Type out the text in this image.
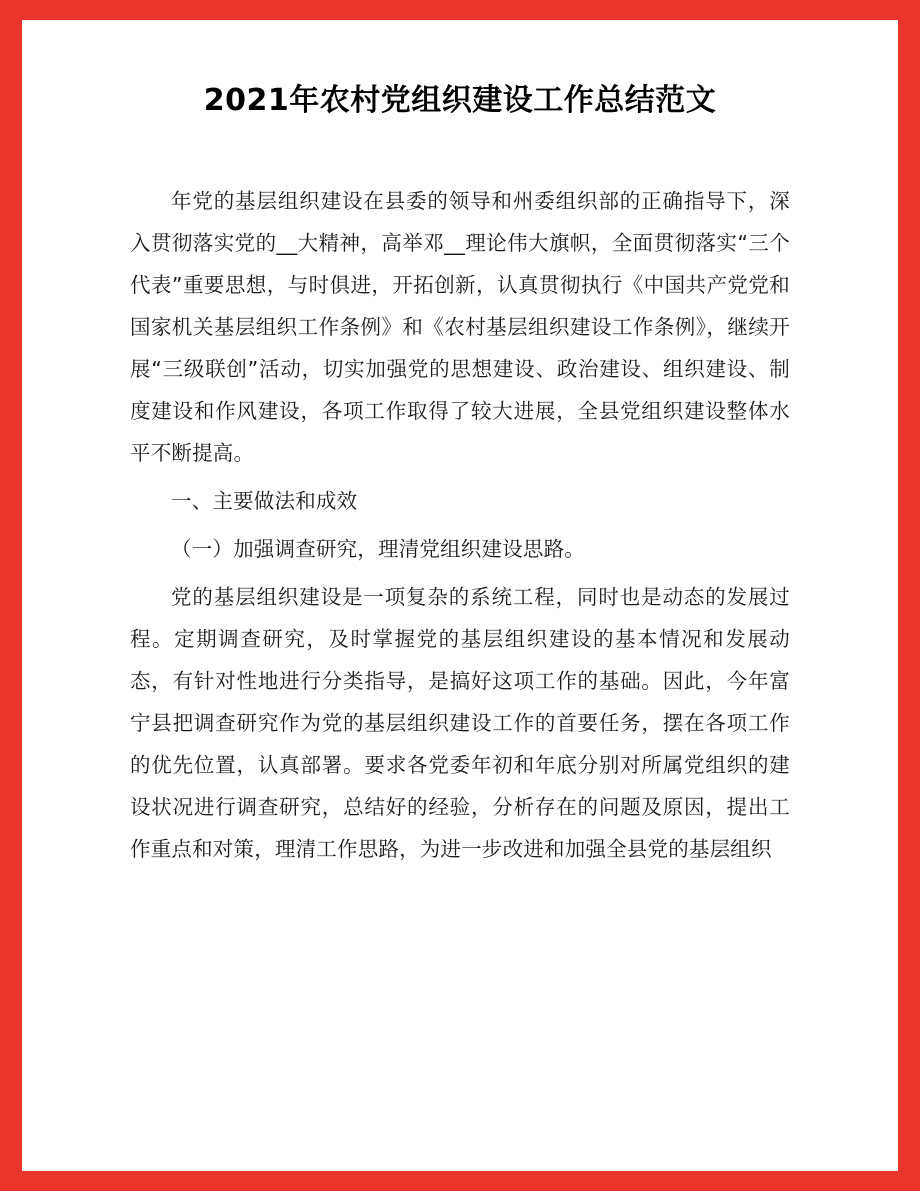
2021年农村党组织建设工作总结范文

年党的基层组织建设在县委的领导和州委组织部的正确指导下，深入贯彻落实党的__大精神，高举邓__理论伟大旗帜，全面贯彻落实“三个代表”重要思想，与时俱进，开拓创新，认真贯彻执行《中国共产党党和国家机关基层组织工作条例》和《农村基层组织建设工作条例》，继续开展“三级联创”活动，切实加强党的思想建设、政治建设、组织建设、制度建设和作风建设，各项工作取得了较大进展，全县党组织建设整体水平不断提高。

一、主要做法和成效

（一）加强调查研究，理清党组织建设思路。

党的基层组织建设是一项复杂的系统工程，同时也是动态的发展过程。定期调查研究，及时掌握党的基层组织建设的基本情况和发展动态，有针对性地进行分类指导，是搞好这项工作的基础。因此，今年富宁县把调查研究作为党的基层组织建设工作的首要任务，摆在各项工作的优先位置，认真部署。要求各党委年初和年底分别对所属党组织的建设状况进行调查研究，总结好的经验，分析存在的问题及原因，提出工作重点和对策，理清工作思路，为进一步改进和加强全县党的基层组织
